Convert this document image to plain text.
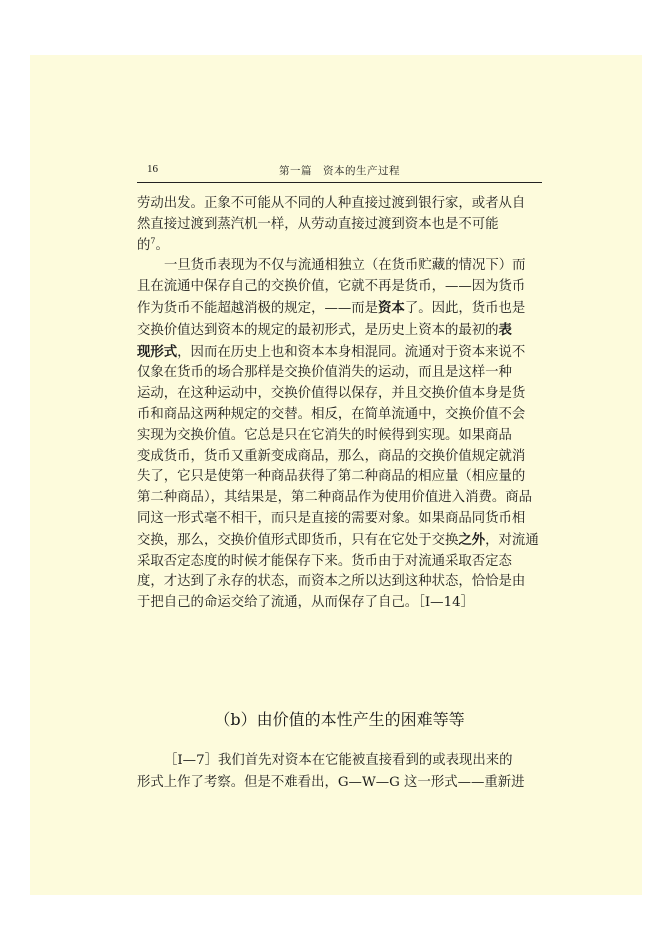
16	第一篇　资本的生产过程

劳动出发。正象不可能从不同的人种直接过渡到银行家，或者从自
然直接过渡到蒸汽机一样，从劳动直接过渡到资本也是不可能
的$^7$。

一旦货币表现为不仅与流通相独立（在货币贮藏的情况下）而
且在流通中保存自己的交换价值，它就不再是货币，——因为货币
作为货币不能超越消极的规定，——而是资本了。因此，货币也是
交换价值达到资本的规定的最初形式，是历史上资本的最初的表
现形式，因而在历史上也和资本本身相混同。流通对于资本来说不
仅象在货币的场合那样是交换价值消失的运动，而且是这样一种
运动，在这种运动中，交换价值得以保存，并且交换价值本身是货
币和商品这两种规定的交替。相反，在简单流通中，交换价值不会
实现为交换价值。它总是只在它消失的时候得到实现。如果商品
变成货币，货币又重新变成商品，那么，商品的交换价值规定就消
失了，它只是使第一种商品获得了第二种商品的相应量（相应量的
第二种商品），其结果是，第二种商品作为使用价值进入消费。商品
同这一形式毫不相干，而只是直接的需要对象。如果商品同货币相
交换，那么，交换价值形式即货币，只有在它处于交换之外，对流通
采取否定态度的时候才能保存下来。货币由于对流通采取否定态
度，才达到了永存的状态，而资本之所以达到这种状态，恰恰是由
于把自己的命运交给了流通，从而保存了自己。［Ⅰ—14］

（b）由价值的本性产生的困难等等
［Ⅰ—7］我们首先对资本在它能被直接看到的或表现出来的
形式上作了考察。但是不难看出，G—W—G 这一形式——重新进
